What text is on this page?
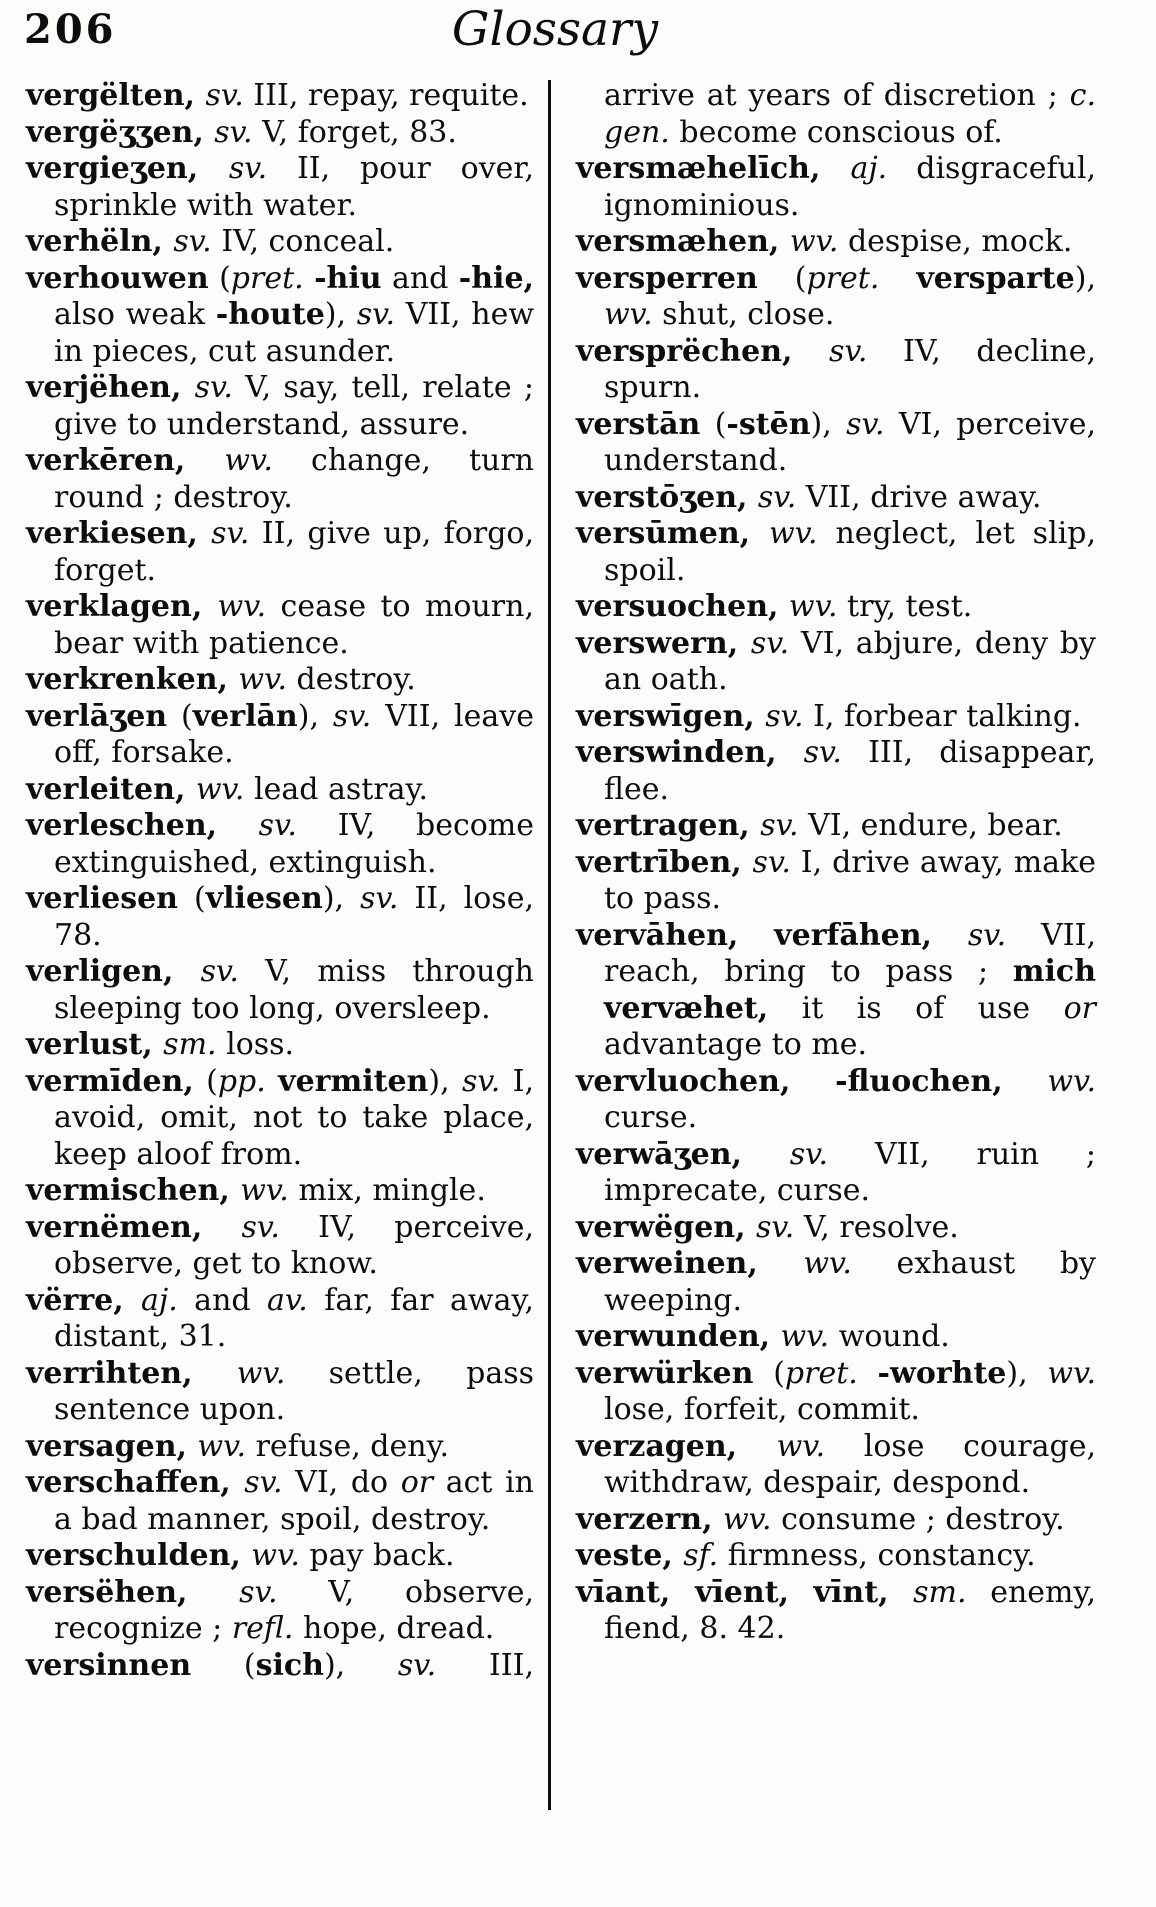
206	Glossary

vergëlten, sv. III, repay, requite.

vergëʒʒen, sv. V, forget, 83.

vergieʒen, sv. II, pour over, sprinkle with water.

verhëln, sv. IV, conceal.

verhouwen (pret. -hiu and -hie, also weak -houte), sv. VII, hew in pieces, cut asunder.

verjëhen, sv. V, say, tell, relate ; give to understand, assure.

verkēren, wv. change, turn round ; destroy.

verkiesen, sv. II, give up, forgo, forget.

verklagen, wv. cease to mourn, bear with patience.

verkrenken, wv. destroy.

verlāʒen (verlān), sv. VII, leave off, forsake.

verleiten, wv. lead astray.

verleschen, sv. IV, become extinguished, extinguish.

verliesen (vliesen), sv. II, lose, 78.

verligen, sv. V, miss through sleeping too long, oversleep.

verlust, sm. loss.

vermīden, (pp. vermiten), sv. I, avoid, omit, not to take place, keep aloof from.

vermischen, wv. mix, mingle.

vernëmen, sv. IV, perceive, observe, get to know.

vërre, aj. and av. far, far away, distant, 31.

verrihten, wv. settle, pass sentence upon.

versagen, wv. refuse, deny.

verschaffen, sv. VI, do or act in a bad manner, spoil, destroy.

verschulden, wv. pay back.

versëhen, sv. V, observe, recognize ; refl. hope, dread.

versinnen (sich), sv. III,

arrive at years of discretion ; c. gen. become conscious of.

versmæhelīch, aj. disgraceful, ignominious.

versmæhen, wv. despise, mock.

versperren (pret. versparte), wv. shut, close.

versprëchen, sv. IV, decline, spurn.

verstān (-stēn), sv. VI, perceive, understand.

verstōʒen, sv. VII, drive away.

versūmen, wv. neglect, let slip, spoil.

versuochen, wv. try, test.

verswern, sv. VI, abjure, deny by an oath.

verswīgen, sv. I, forbear talking.

verswinden, sv. III, disappear, flee.

vertragen, sv. VI, endure, bear.

vertrīben, sv. I, drive away, make to pass.

vervāhen, verfāhen, sv. VII, reach, bring to pass ; mich vervæhet, it is of use or advantage to me.

vervluochen, -fluochen, wv. curse.

verwāʒen, sv. VII, ruin ; imprecate, curse.

verwëgen, sv. V, resolve.

verweinen, wv. exhaust by weeping.

verwunden, wv. wound.

verwürken (pret. -worhte), wv. lose, forfeit, commit.

verzagen, wv. lose courage, withdraw, despair, despond.

verzern, wv. consume ; destroy.

veste, sf. firmness, constancy.

vīant, vīent, vīnt, sm. enemy, fiend, 8. 42.
